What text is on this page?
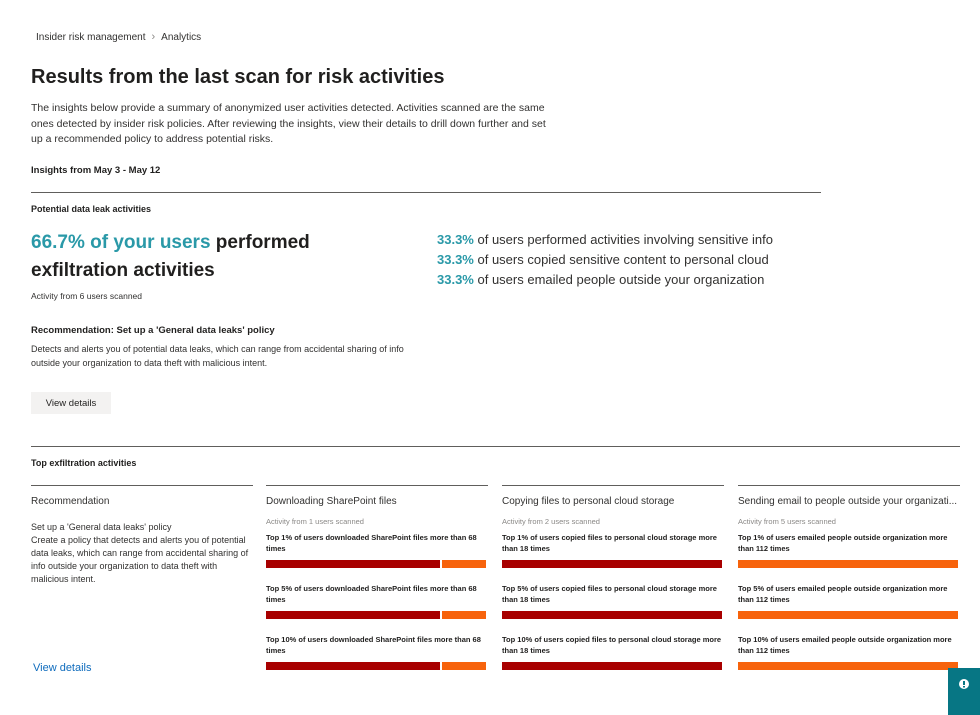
Insider risk management › Analytics
Results from the last scan for risk activities
The insights below provide a summary of anonymized user activities detected. Activities scanned are the same ones detected by insider risk policies. After reviewing the insights, view their details to drill down further and set up a recommended policy to address potential risks.
Insights from May 3 - May 12
Potential data leak activities
66.7% of your users performed exfiltration activities
Activity from 6 users scanned
Recommendation: Set up a 'General data leaks' policy
Detects and alerts you of potential data leaks, which can range from accidental sharing of info outside your organization to data theft with malicious intent.
View details
33.3% of users performed activities involving sensitive info
33.3% of users copied sensitive content to personal cloud
33.3% of users emailed people outside your organization
Top exfiltration activities
Recommendation
Set up a 'General data leaks' policy
Create a policy that detects and alerts you of potential data leaks, which can range from accidental sharing of info outside your organization to data theft with malicious intent.
View details
Downloading SharePoint files
Activity from 1 users scanned
Top 1% of users downloaded SharePoint files more than 68 times
Top 5% of users downloaded SharePoint files more than 68 times
Top 10% of users downloaded SharePoint files more than 68 times
Copying files to personal cloud storage
Activity from 2 users scanned
Top 1% of users copied files to personal cloud storage more than 18 times
Top 5% of users copied files to personal cloud storage more than 18 times
Top 10% of users copied files to personal cloud storage more than 18 times
Sending email to people outside your organizati...
Activity from 5 users scanned
Top 1% of users emailed people outside organization more than 112 times
Top 5% of users emailed people outside organization more than 112 times
Top 10% of users emailed people outside organization more than 112 times
